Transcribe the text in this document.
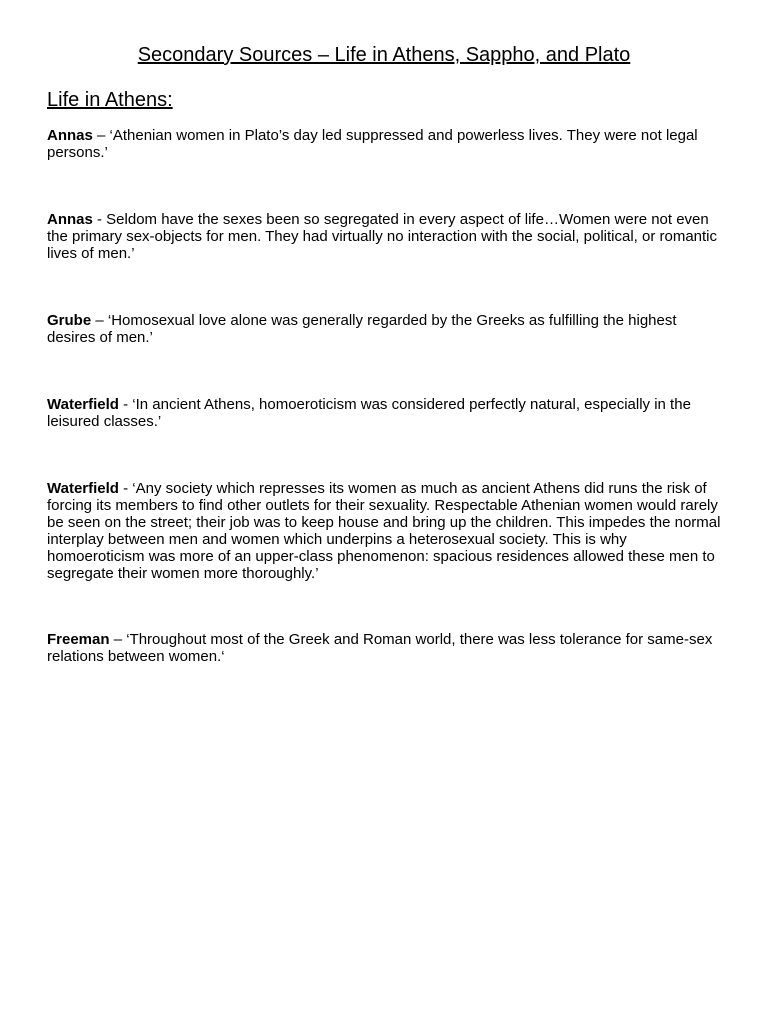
Secondary Sources – Life in Athens, Sappho, and Plato
Life in Athens:

Annas – ‘Athenian women in Plato’s day led suppressed and powerless lives. They were not legal persons.’

Annas - Seldom have the sexes been so segregated in every aspect of life…Women were not even the primary sex-objects for men. They had virtually no interaction with the social, political, or romantic lives of men.’

Grube – ‘Homosexual love alone was generally regarded by the Greeks as fulfilling the highest desires of men.’

Waterfield - ‘In ancient Athens, homoeroticism was considered perfectly natural, especially in the leisured classes.’

Waterfield - ‘Any society which represses its women as much as ancient Athens did runs the risk of forcing its members to find other outlets for their sexuality. Respectable Athenian women would rarely be seen on the street; their job was to keep house and bring up the children. This impedes the normal interplay between men and women which underpins a heterosexual society. This is why homoeroticism was more of an upper-class phenomenon: spacious residences allowed these men to segregate their women more thoroughly.’

Freeman – ‘Throughout most of the Greek and Roman world, there was less tolerance for same-sex relations between women.‘
